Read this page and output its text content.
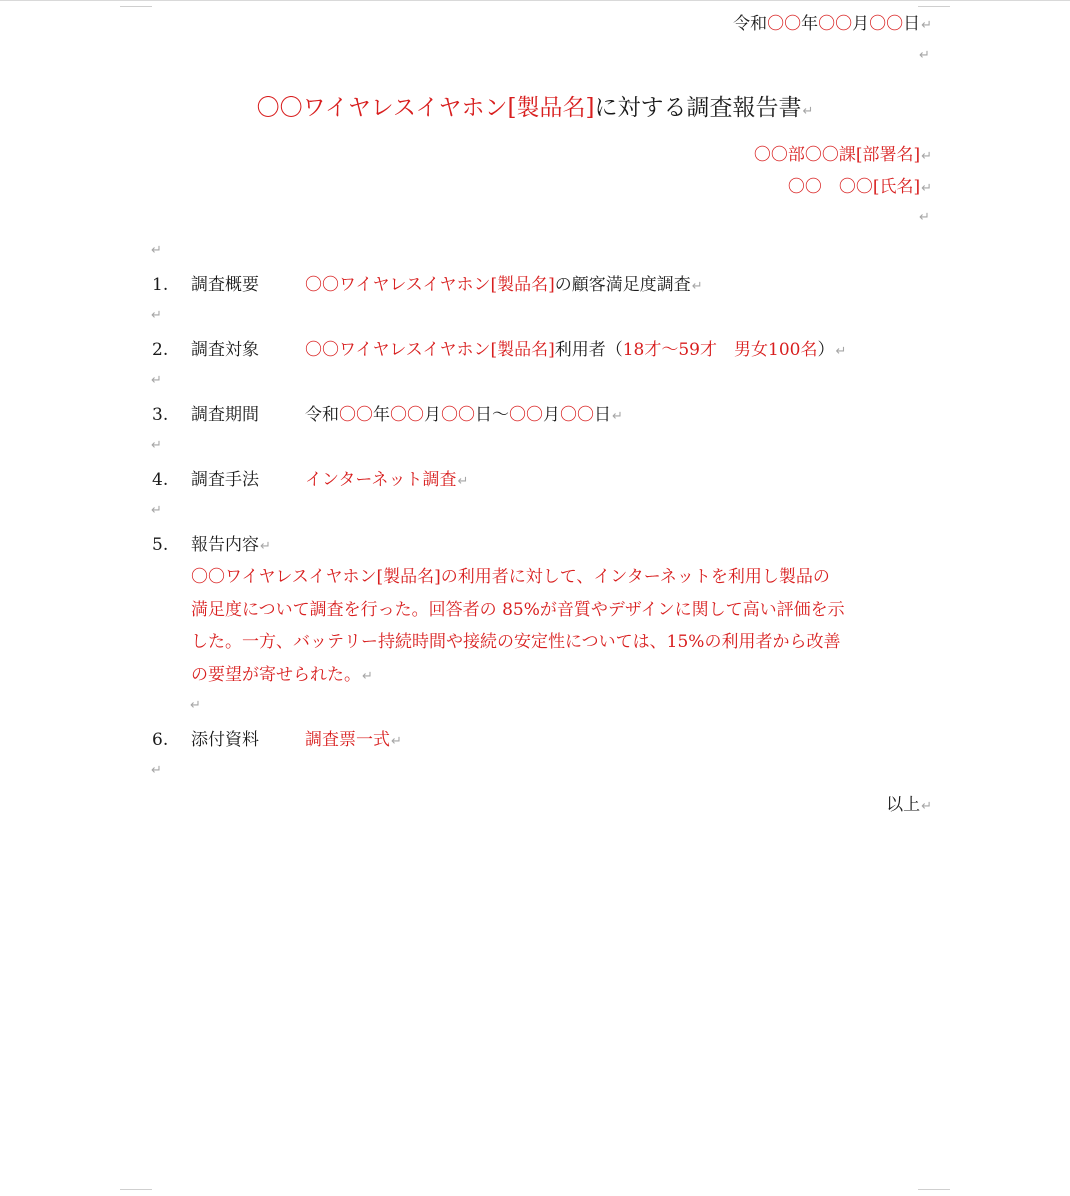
令和〇〇年〇〇月〇〇日↵
↵
〇〇ワイヤレスイヤホン[製品名]に対する調査報告書↵
〇〇部〇〇課[部署名]↵
〇〇　〇〇[氏名]↵
↵
↵
1. 調査概要	〇〇ワイヤレスイヤホン[製品名]の顧客満足度調査↵
↵
2. 調査対象	〇〇ワイヤレスイヤホン[製品名]利用者（18才～59才　男女100名）↵
↵
3. 調査期間	令和〇〇年〇〇月〇〇日～〇〇月〇〇日↵
↵
4. 調査手法	インターネット調査↵
↵
5. 報告内容↵
〇〇ワイヤレスイヤホン[製品名]の利用者に対して、インターネットを利用し製品の
満足度について調査を行った。回答者の 85%が音質やデザインに関して高い評価を示
した。一方、バッテリー持続時間や接続の安定性については、15%の利用者から改善
の要望が寄せられた。↵
↵
6. 添付資料	調査票一式↵
↵
以上↵
